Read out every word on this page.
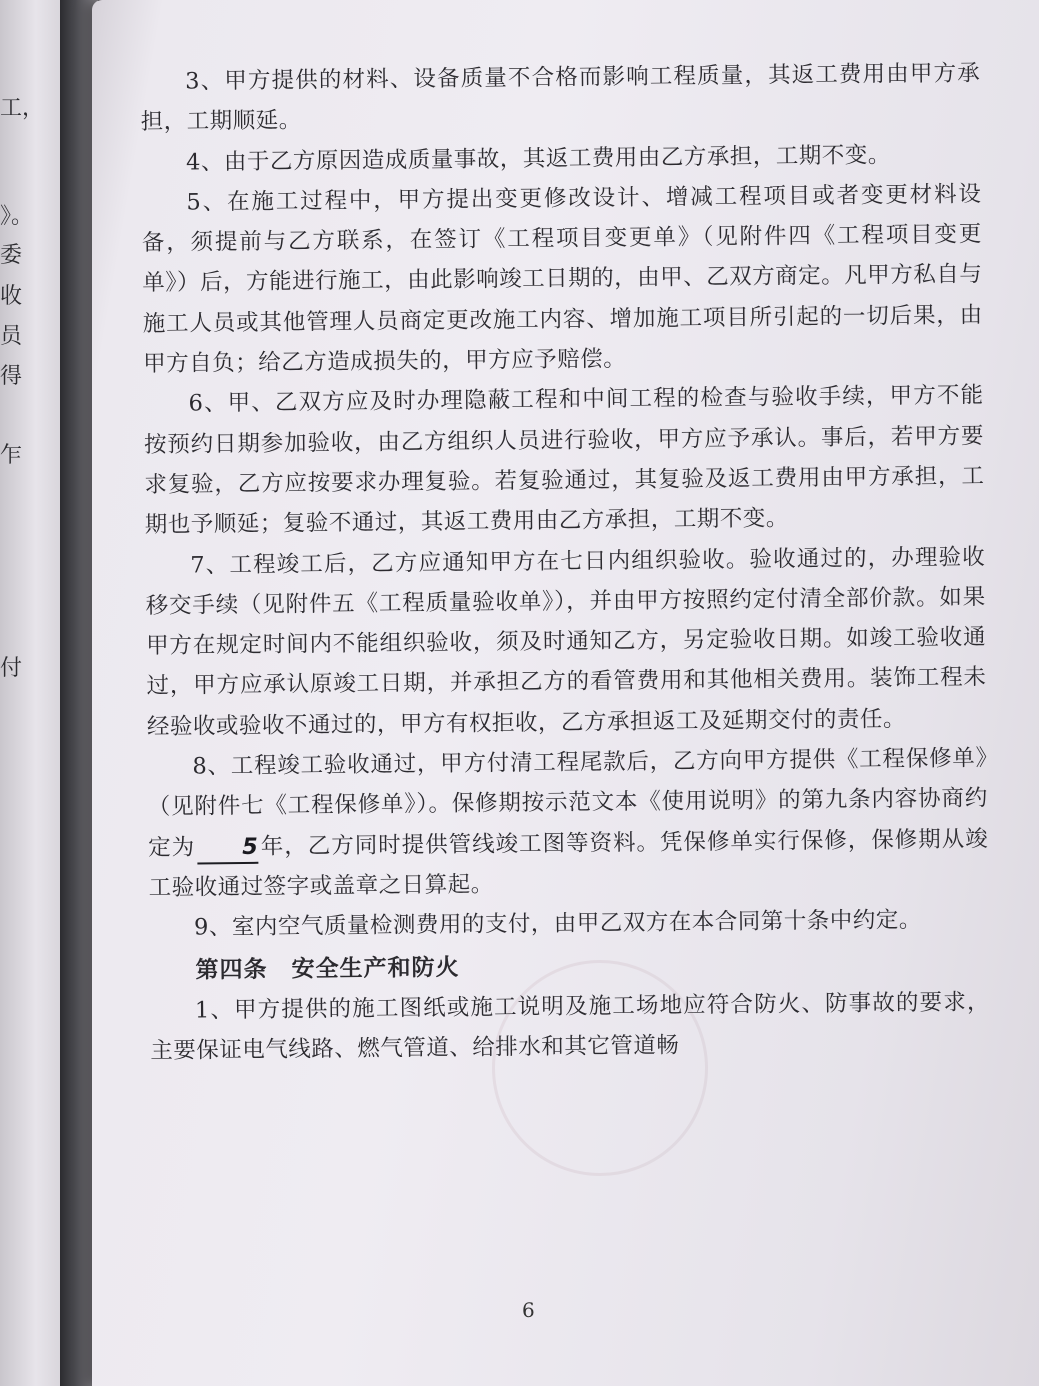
工，
》。
委
收
员
得
乍
付

3、甲方提供的材料、设备质量不合格而影响工程质量，其返工费用由甲方承担，工期顺延。

4、由于乙方原因造成质量事故，其返工费用由乙方承担，工期不变。

5、在施工过程中，甲方提出变更修改设计、增减工程项目或者变更材料设备，须提前与乙方联系，在签订《工程项目变更单》（见附件四《工程项目变更单》）后，方能进行施工，由此影响竣工日期的，由甲、乙双方商定。凡甲方私自与施工人员或其他管理人员商定更改施工内容、增加施工项目所引起的一切后果，由甲方自负；给乙方造成损失的，甲方应予赔偿。

6、甲、乙双方应及时办理隐蔽工程和中间工程的检查与验收手续，甲方不能按预约日期参加验收，由乙方组织人员进行验收，甲方应予承认。事后，若甲方要求复验，乙方应按要求办理复验。若复验通过，其复验及返工费用由甲方承担，工期也予顺延；复验不通过，其返工费用由乙方承担，工期不变。

7、工程竣工后，乙方应通知甲方在七日内组织验收。验收通过的，办理验收移交手续（见附件五《工程质量验收单》），并由甲方按照约定付清全部价款。如果甲方在规定时间内不能组织验收，须及时通知乙方，另定验收日期。如竣工验收通过，甲方应承认原竣工日期，并承担乙方的看管费用和其他相关费用。装饰工程未经验收或验收不通过的，甲方有权拒收，乙方承担返工及延期交付的责任。

8、工程竣工验收通过，甲方付清工程尾款后，乙方向甲方提供《工程保修单》（见附件七《工程保修单》）。保修期按示范文本《使用说明》的第九条内容协商约定为 5年，乙方同时提供管线竣工图等资料。凭保修单实行保修，保修期从竣工验收通过签字或盖章之日算起。

9、室内空气质量检测费用的支付，由甲乙双方在本合同第十条中约定。

第四条　安全生产和防火

1、甲方提供的施工图纸或施工说明及施工场地应符合防火、防事故的要求，主要保证电气线路、燃气管道、给排水和其它管道畅

6
